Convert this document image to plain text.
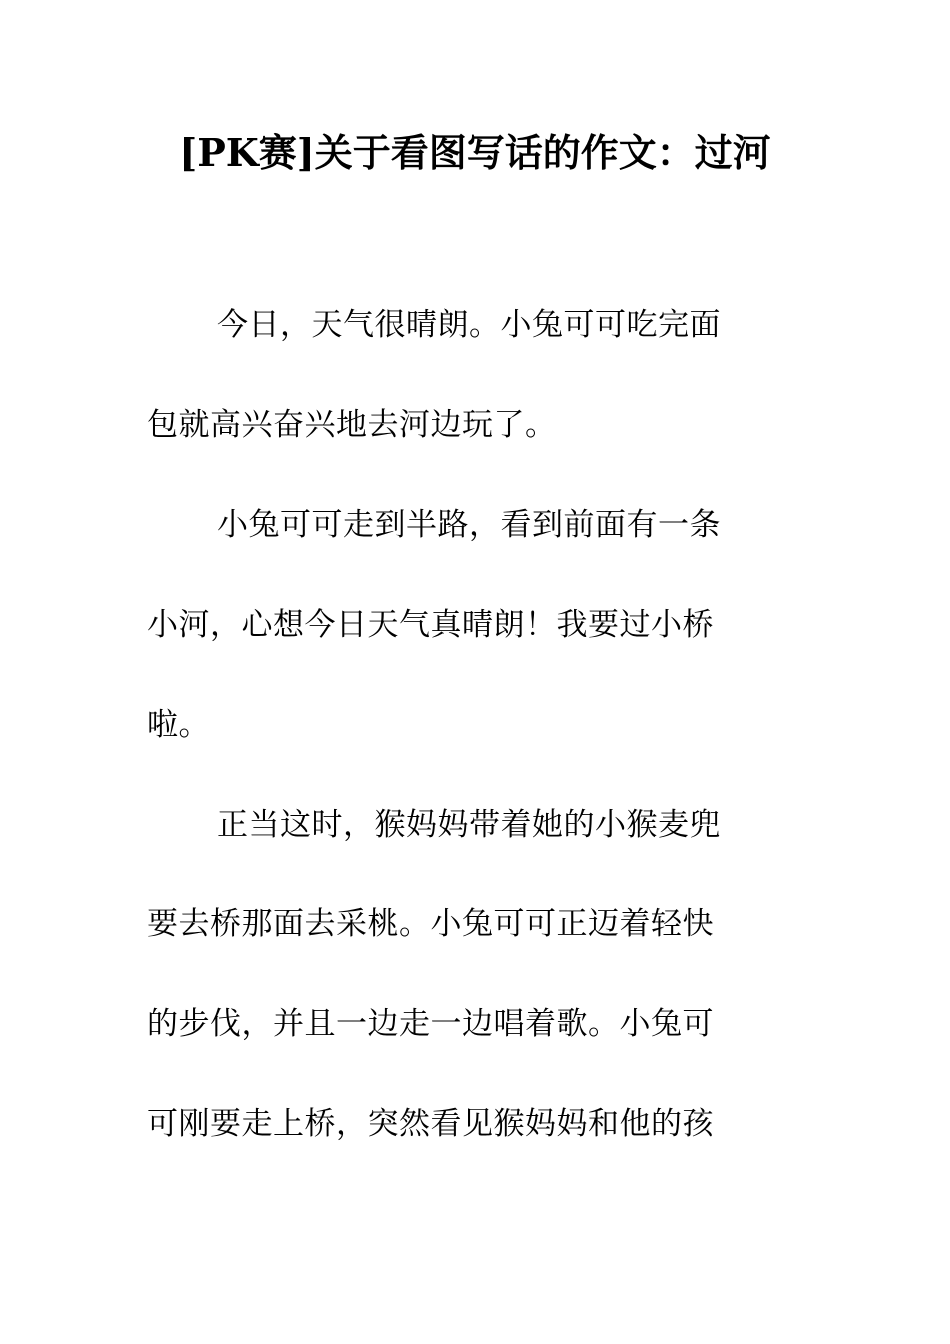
[PK赛]关于看图写话的作文：过河
今日，天气很晴朗。小兔可可吃完面
包就高兴奋兴地去河边玩了。
小兔可可走到半路，看到前面有一条
小河，心想今日天气真晴朗！我要过小桥
啦。
正当这时，猴妈妈带着她的小猴麦兜
要去桥那面去采桃。小兔可可正迈着轻快
的步伐，并且一边走一边唱着歌。小兔可
可刚要走上桥，突然看见猴妈妈和他的孩
